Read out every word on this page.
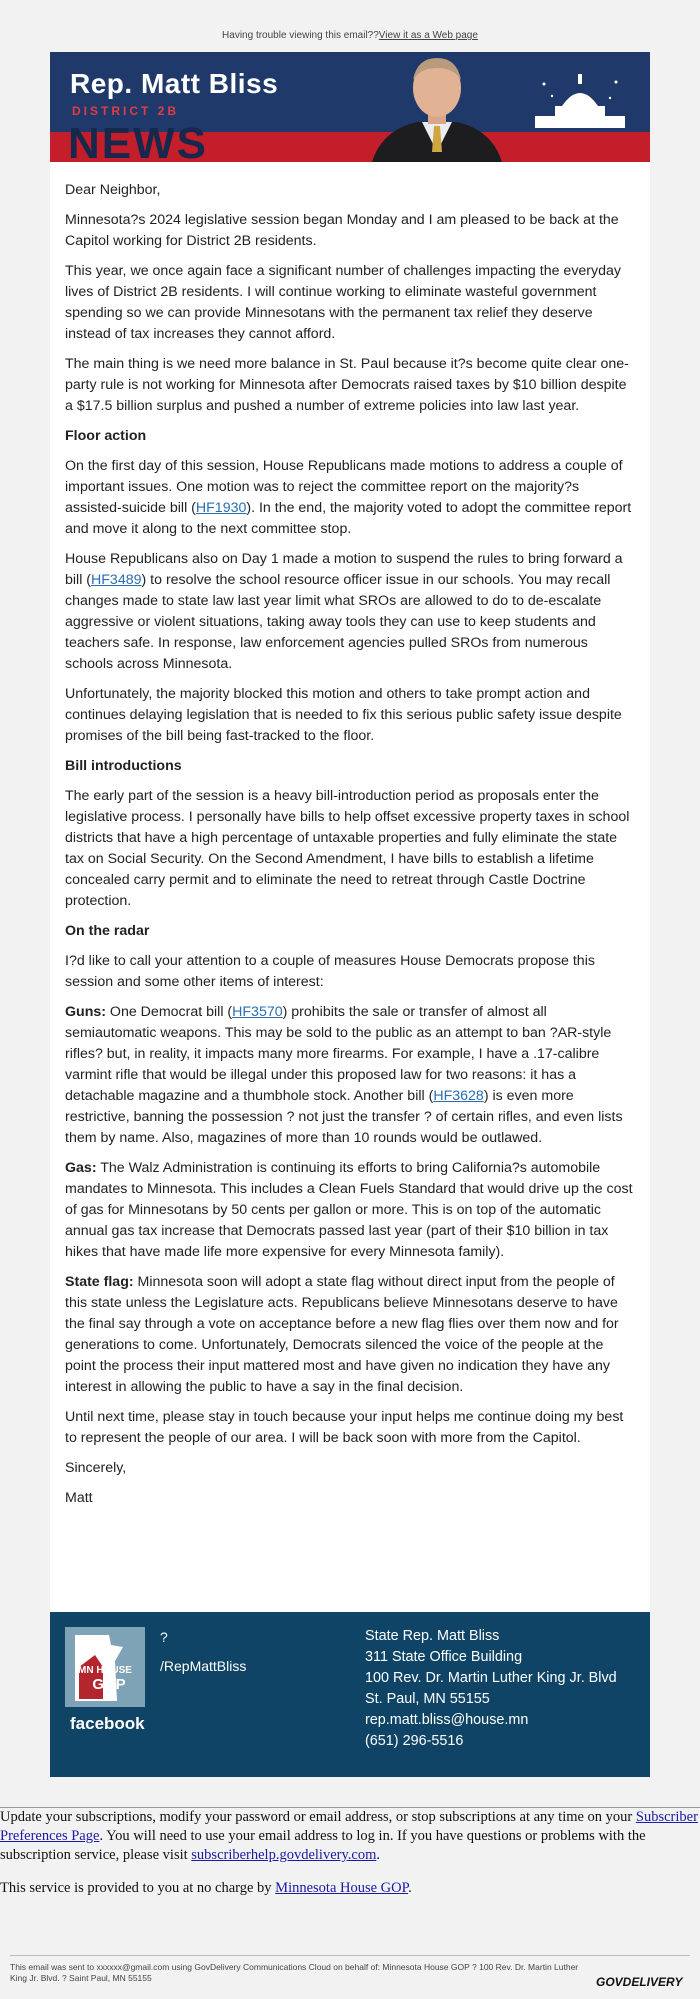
Having trouble viewing this email??View it as a Web page
NEWS
Rep. Matt Bliss
DISTRICT 2B

Dear Neighbor,

Minnesota?s 2024 legislative session began Monday and I am pleased to be back at the Capitol working for District 2B residents.

This year, we once again face a significant number of challenges impacting the everyday lives of District 2B residents. I will continue working to eliminate wasteful government spending so we can provide Minnesotans with the permanent tax relief they deserve instead of tax increases they cannot afford.

The main thing is we need more balance in St. Paul because it?s become quite clear one-party rule is not working for Minnesota after Democrats raised taxes by $10 billion despite a $17.5 billion surplus and pushed a number of extreme policies into law last year.

Floor action

On the first day of this session, House Republicans made motions to address a couple of important issues. One motion was to reject the committee report on the majority?s assisted-suicide bill (HF1930). In the end, the majority voted to adopt the committee report and move it along to the next committee stop.

House Republicans also on Day 1 made a motion to suspend the rules to bring forward a bill (HF3489) to resolve the school resource officer issue in our schools. You may recall changes made to state law last year limit what SROs are allowed to do to de-escalate aggressive or violent situations, taking away tools they can use to keep students and teachers safe. In response, law enforcement agencies pulled SROs from numerous schools across Minnesota.

Unfortunately, the majority blocked this motion and others to take prompt action and continues delaying legislation that is needed to fix this serious public safety issue despite promises of the bill being fast-tracked to the floor.

Bill introductions

The early part of the session is a heavy bill-introduction period as proposals enter the legislative process. I personally have bills to help offset excessive property taxes in school districts that have a high percentage of untaxable properties and fully eliminate the state tax on Social Security. On the Second Amendment, I have bills to establish a lifetime concealed carry permit and to eliminate the need to retreat through Castle Doctrine protection.

On the radar

I?d like to call your attention to a couple of measures House Democrats propose this session and some other items of interest:

Guns: One Democrat bill (HF3570) prohibits the sale or transfer of almost all semiautomatic weapons. This may be sold to the public as an attempt to ban ?AR-style rifles? but, in reality, it impacts many more firearms. For example, I have a .17-calibre varmint rifle that would be illegal under this proposed law for two reasons: it has a detachable magazine and a thumbhole stock. Another bill (HF3628) is even more restrictive, banning the possession ? not just the transfer ? of certain rifles, and even lists them by name. Also, magazines of more than 10 rounds would be outlawed.

Gas: The Walz Administration is continuing its efforts to bring California?s automobile mandates to Minnesota. This includes a Clean Fuels Standard that would drive up the cost of gas for Minnesotans by 50 cents per gallon or more. This is on top of the automatic annual gas tax increase that Democrats passed last year (part of their $10 billion in tax hikes that have made life more expensive for every Minnesota family).

State flag: Minnesota soon will adopt a state flag without direct input from the people of this state unless the Legislature acts. Republicans believe Minnesotans deserve to have the final say through a vote on acceptance before a new flag flies over them now and for generations to come. Unfortunately, Democrats silenced the voice of the people at the point the process their input mattered most and have given no indication they have any interest in allowing the public to have a say in the final decision.

Until next time, please stay in touch because your input helps me continue doing my best to represent the people of our area. I will be back soon with more from the Capitol.

Sincerely,

Matt

MN HOUSE
GOP
facebook
?
/RepMattBliss
State Rep. Matt Bliss
311 State Office Building
100 Rev. Dr. Martin Luther King Jr. Blvd
St. Paul, MN 55155
rep.matt.bliss@house.mn
(651) 296-5516

Update your subscriptions, modify your password or email address, or stop subscriptions at any time on your Subscriber Preferences Page. You will need to use your email address to log in. If you have questions or problems with the subscription service, please visit subscriberhelp.govdelivery.com.

This service is provided to you at no charge by Minnesota House GOP.

This email was sent to xxxxxx@gmail.com using GovDelivery Communications Cloud on behalf of: Minnesota House GOP ? 100 Rev. Dr. Martin Luther King Jr. Blvd. ? Saint Paul, MN 55155	GOVDELIVERY
